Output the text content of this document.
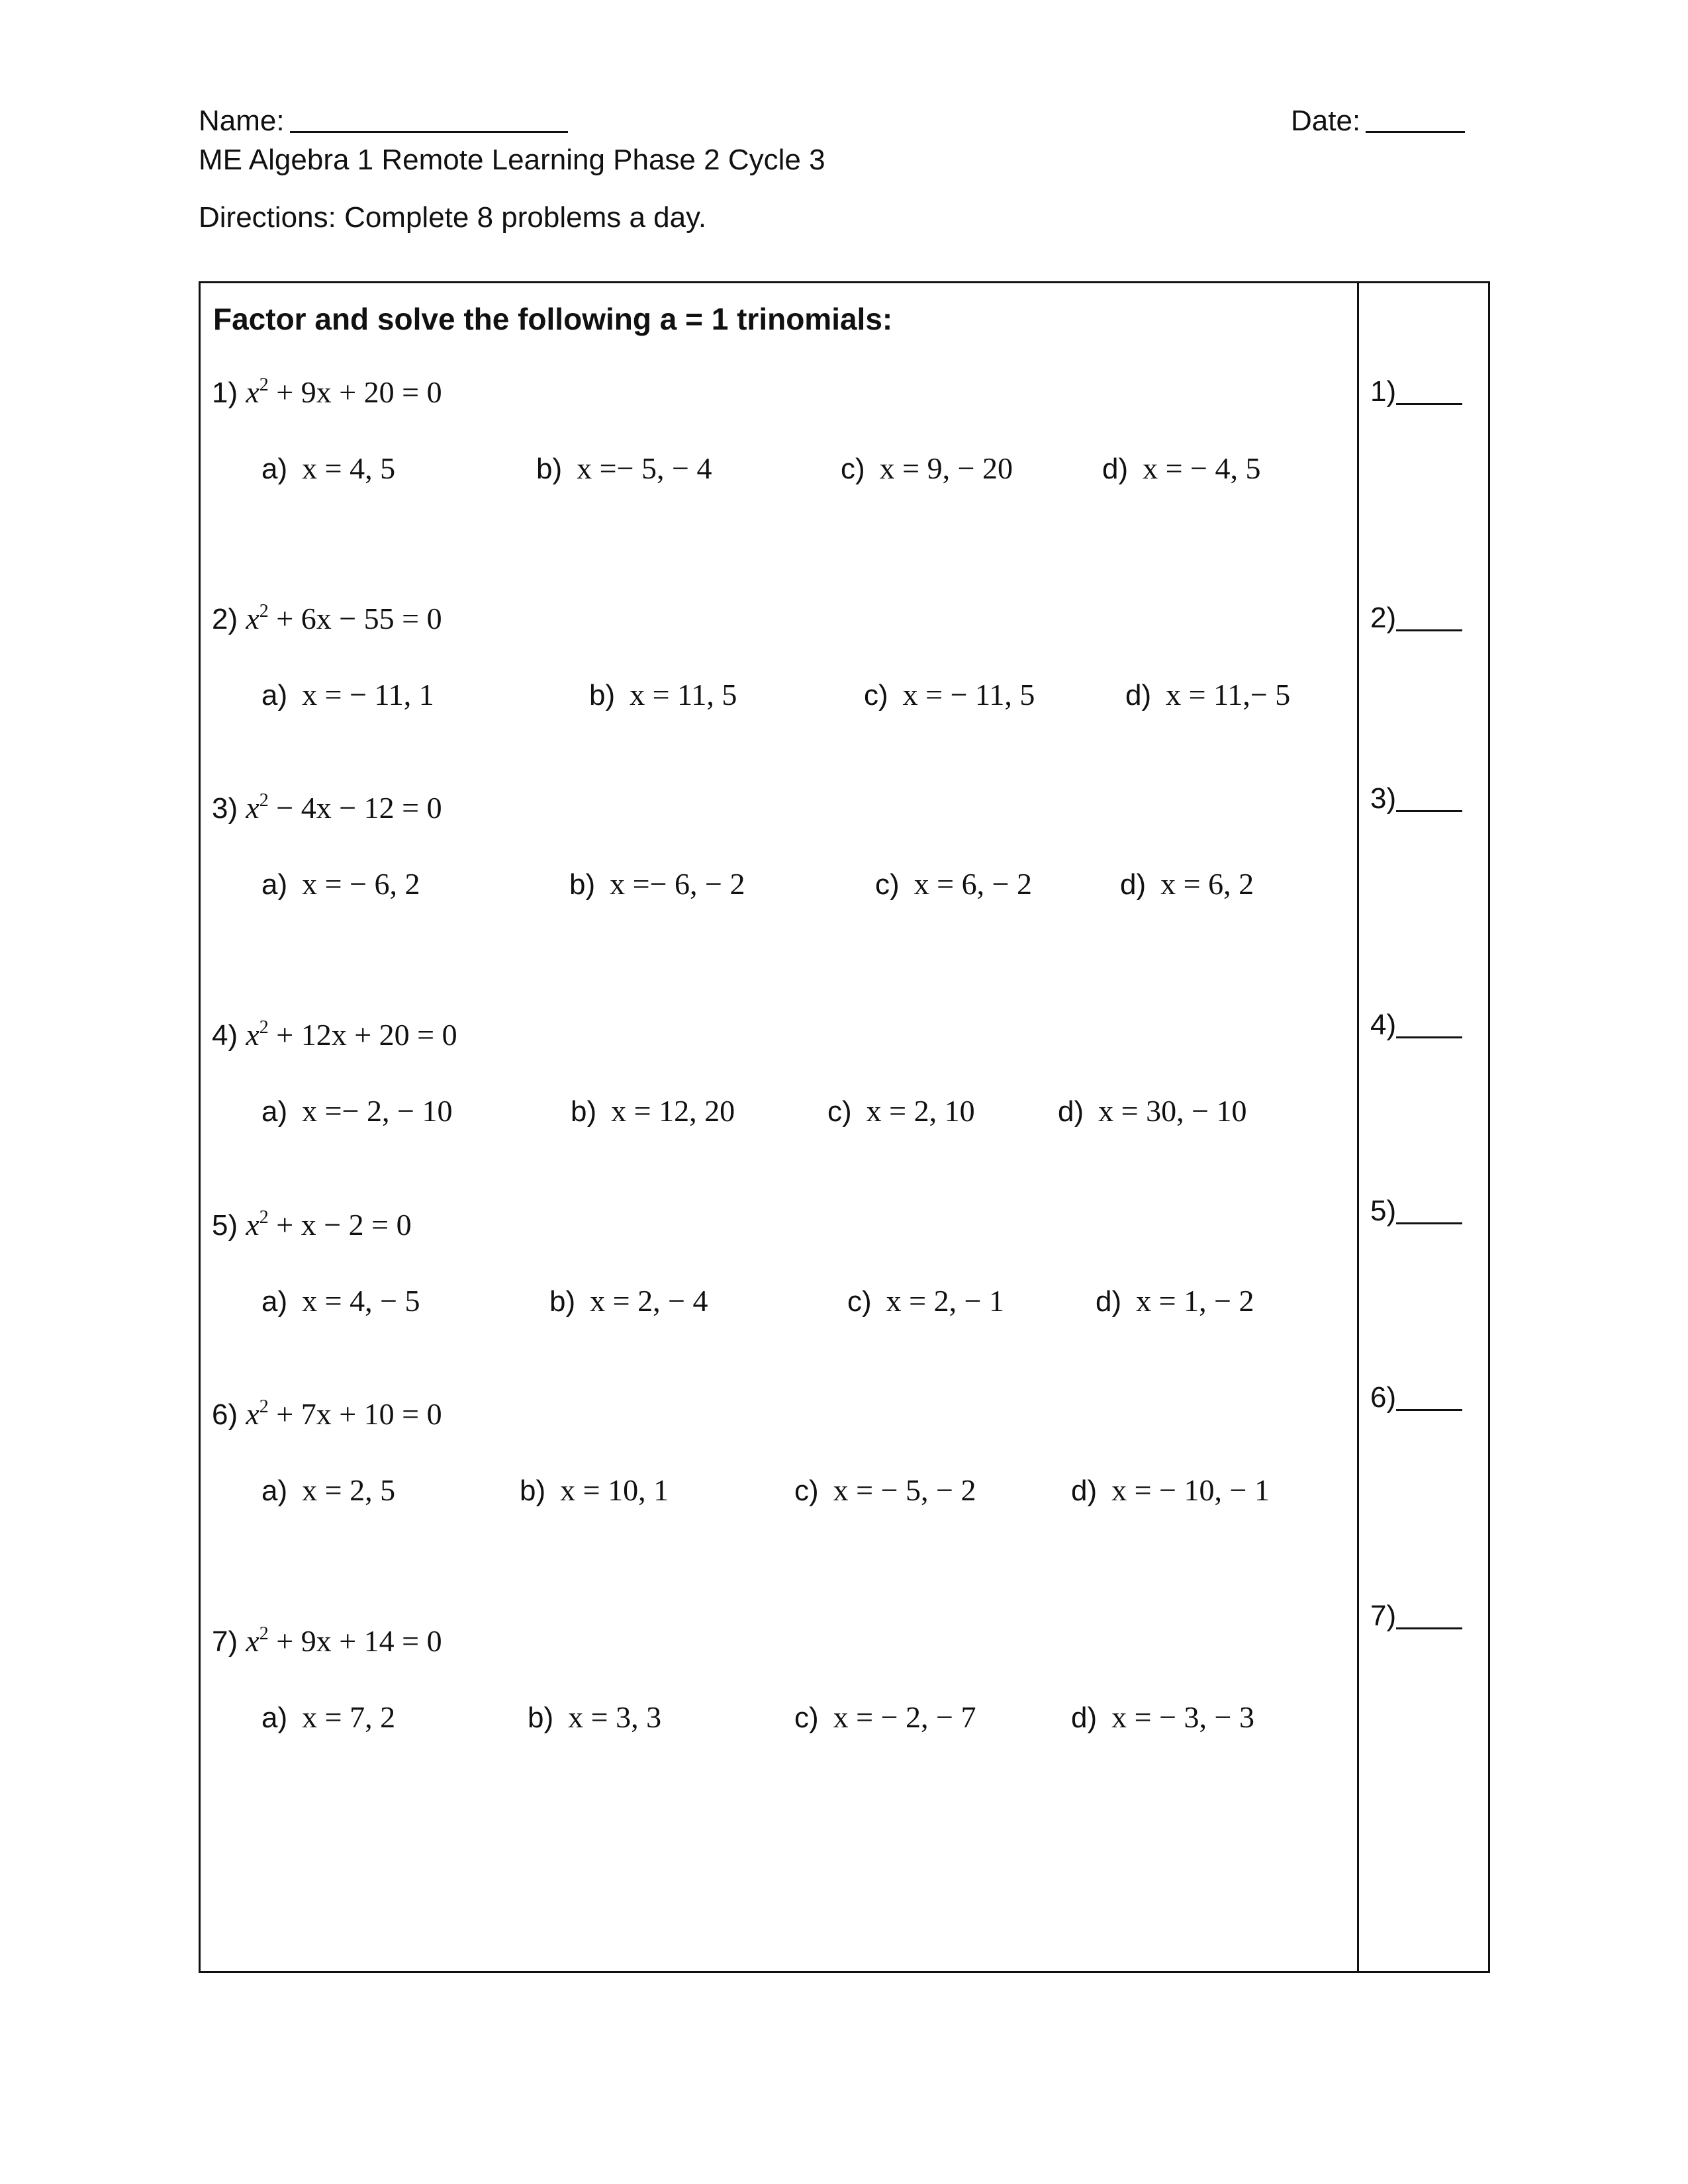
Name:	Date:
ME Algebra 1 Remote Learning Phase 2 Cycle 3
Directions: Complete 8 problems a day.
Factor and solve the following a = 1 trinomials:
1) $x^2 + 9x + 20 = 0$
a) x = 4, 5	b) x =− 5, − 4	c) x = 9, − 20	d) x = − 4, 5
1)
2) $x^2 + 6x - 55 = 0$
a) x = − 11, 1	b) x = 11, 5	c) x = − 11, 5	d) x = 11,− 5
2)
3) $x^2 - 4x - 12 = 0$
a) x = − 6, 2	b) x =− 6, − 2	c) x = 6, − 2	d) x = 6, 2
3)
4) $x^2 + 12x + 20 = 0$
a) x =− 2, − 10	b) x = 12, 20	c) x = 2, 10	d) x = 30, − 10
4)
5) $x^2 + x - 2 = 0$
a) x = 4, − 5	b) x = 2, − 4	c) x = 2, − 1	d) x = 1, − 2
5)
6) $x^2 + 7x + 10 = 0$
a) x = 2, 5	b) x = 10, 1	c) x = − 5, − 2	d) x = − 10, − 1
6)
7) $x^2 + 9x + 14 = 0$
a) x = 7, 2	b) x = 3, 3	c) x = − 2, − 7	d) x = − 3, − 3
7)
